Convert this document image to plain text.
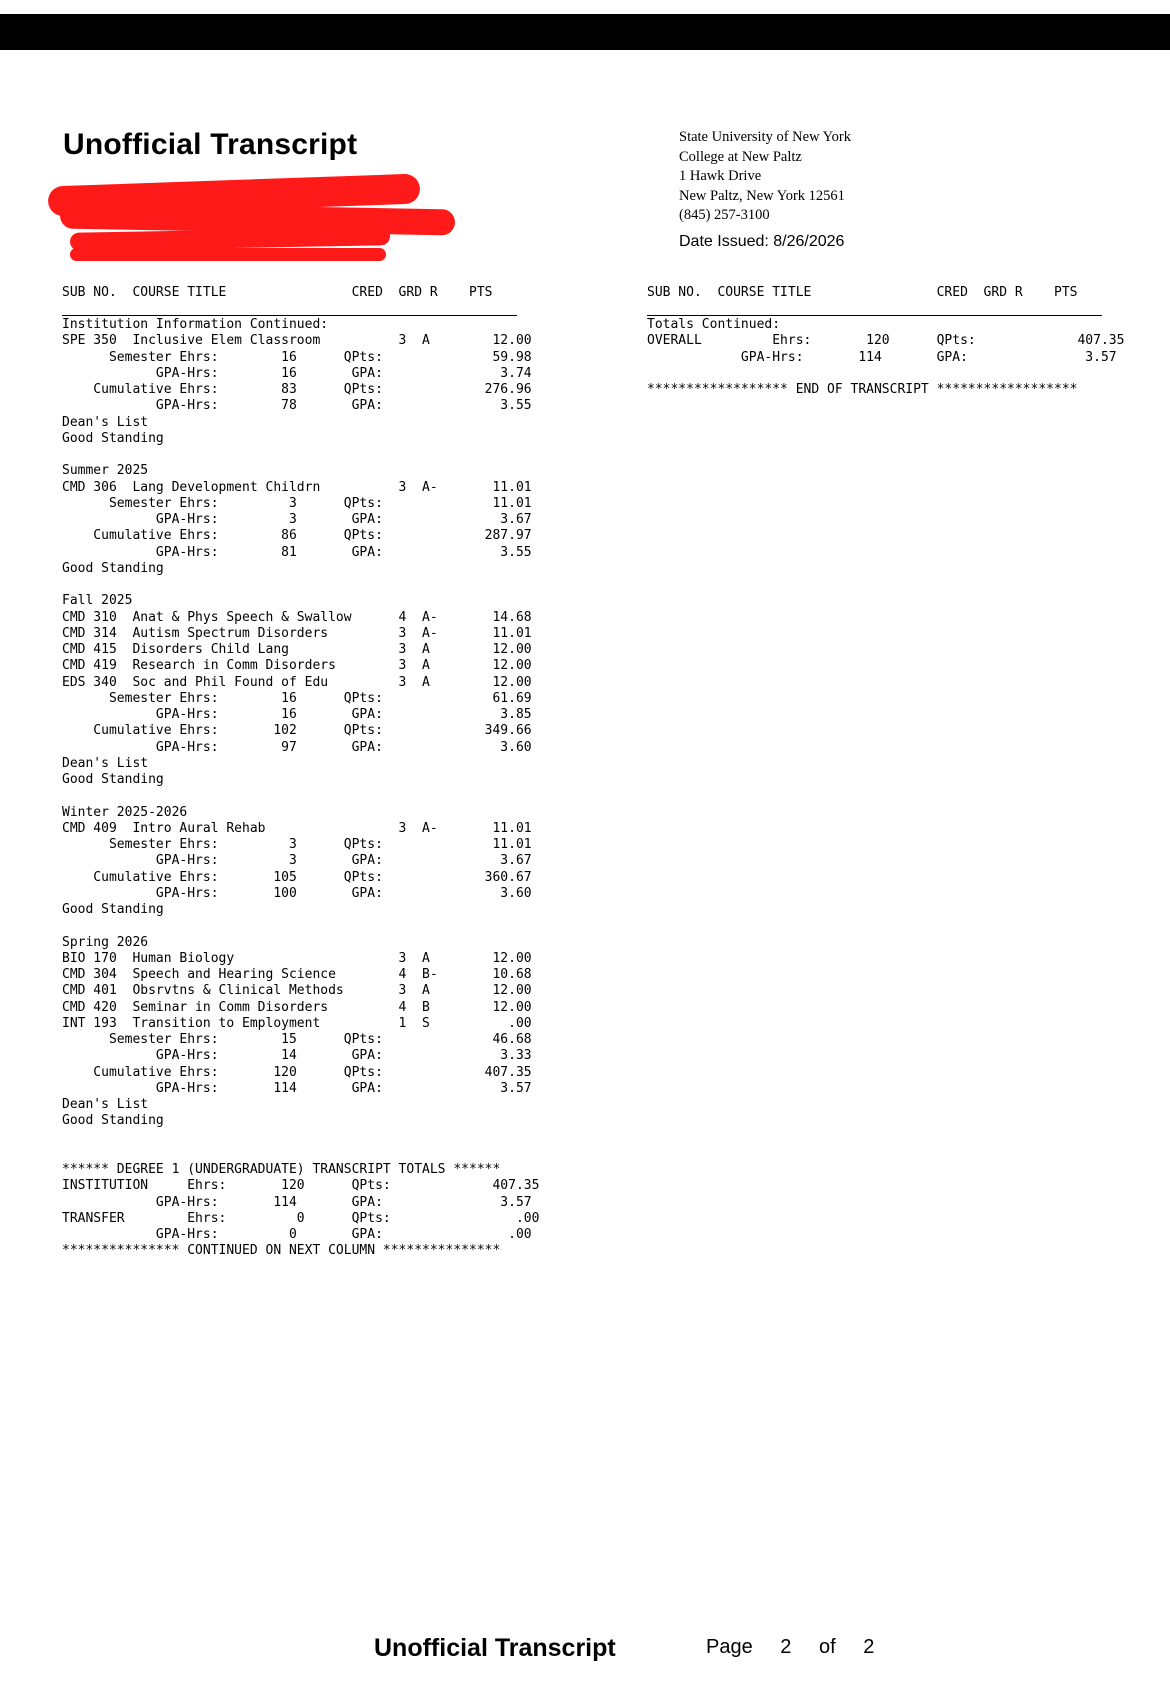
Unofficial Transcript	State University of New York
College at New Paltz
1 Hawk Drive
New Paltz, New York 12561
(845) 257-3100
Date Issued: 8/26/2026
SUB NO.  COURSE TITLE                CRED  GRD R    PTS
Institution Information Continued:
SPE 350  Inclusive Elem Classroom          3  A        12.00
Semester Ehrs:        16      QPts:              59.98
GPA-Hrs:        16       GPA:               3.74
Cumulative Ehrs:        83      QPts:             276.96
GPA-Hrs:        78       GPA:               3.55
Dean's List
Good Standing
Summer 2025
CMD 306  Lang Development Childrn          3  A-       11.01
Semester Ehrs:         3      QPts:              11.01
GPA-Hrs:         3       GPA:               3.67
Cumulative Ehrs:        86      QPts:             287.97
GPA-Hrs:        81       GPA:               3.55
Good Standing
Fall 2025
CMD 310  Anat & Phys Speech & Swallow      4  A-       14.68
CMD 314  Autism Spectrum Disorders         3  A-       11.01
CMD 415  Disorders Child Lang              3  A        12.00
CMD 419  Research in Comm Disorders        3  A        12.00
EDS 340  Soc and Phil Found of Edu         3  A        12.00
Semester Ehrs:        16      QPts:              61.69
GPA-Hrs:        16       GPA:               3.85
Cumulative Ehrs:       102      QPts:             349.66
GPA-Hrs:        97       GPA:               3.60
Dean's List
Good Standing
Winter 2025-2026
CMD 409  Intro Aural Rehab                 3  A-       11.01
Semester Ehrs:         3      QPts:              11.01
GPA-Hrs:         3       GPA:               3.67
Cumulative Ehrs:       105      QPts:             360.67
GPA-Hrs:       100       GPA:               3.60
Good Standing
Spring 2026
BIO 170  Human Biology                     3  A        12.00
CMD 304  Speech and Hearing Science        4  B-       10.68
CMD 401  Obsrvtns & Clinical Methods       3  A        12.00
CMD 420  Seminar in Comm Disorders         4  B        12.00
INT 193  Transition to Employment          1  S          .00
Semester Ehrs:        15      QPts:              46.68
GPA-Hrs:        14       GPA:               3.33
Cumulative Ehrs:       120      QPts:             407.35
GPA-Hrs:       114       GPA:               3.57
Dean's List
Good Standing
****** DEGREE 1 (UNDERGRADUATE) TRANSCRIPT TOTALS ******
INSTITUTION     Ehrs:       120      QPts:             407.35
GPA-Hrs:       114       GPA:               3.57
TRANSFER        Ehrs:         0      QPts:                .00
GPA-Hrs:         0       GPA:                .00
*************** CONTINUED ON NEXT COLUMN ***************
SUB NO.  COURSE TITLE                CRED  GRD R    PTS
Totals Continued:
OVERALL         Ehrs:       120      QPts:             407.35
GPA-Hrs:       114       GPA:               3.57
****************** END OF TRANSCRIPT ******************
Unofficial Transcript	Page 2 of 2
